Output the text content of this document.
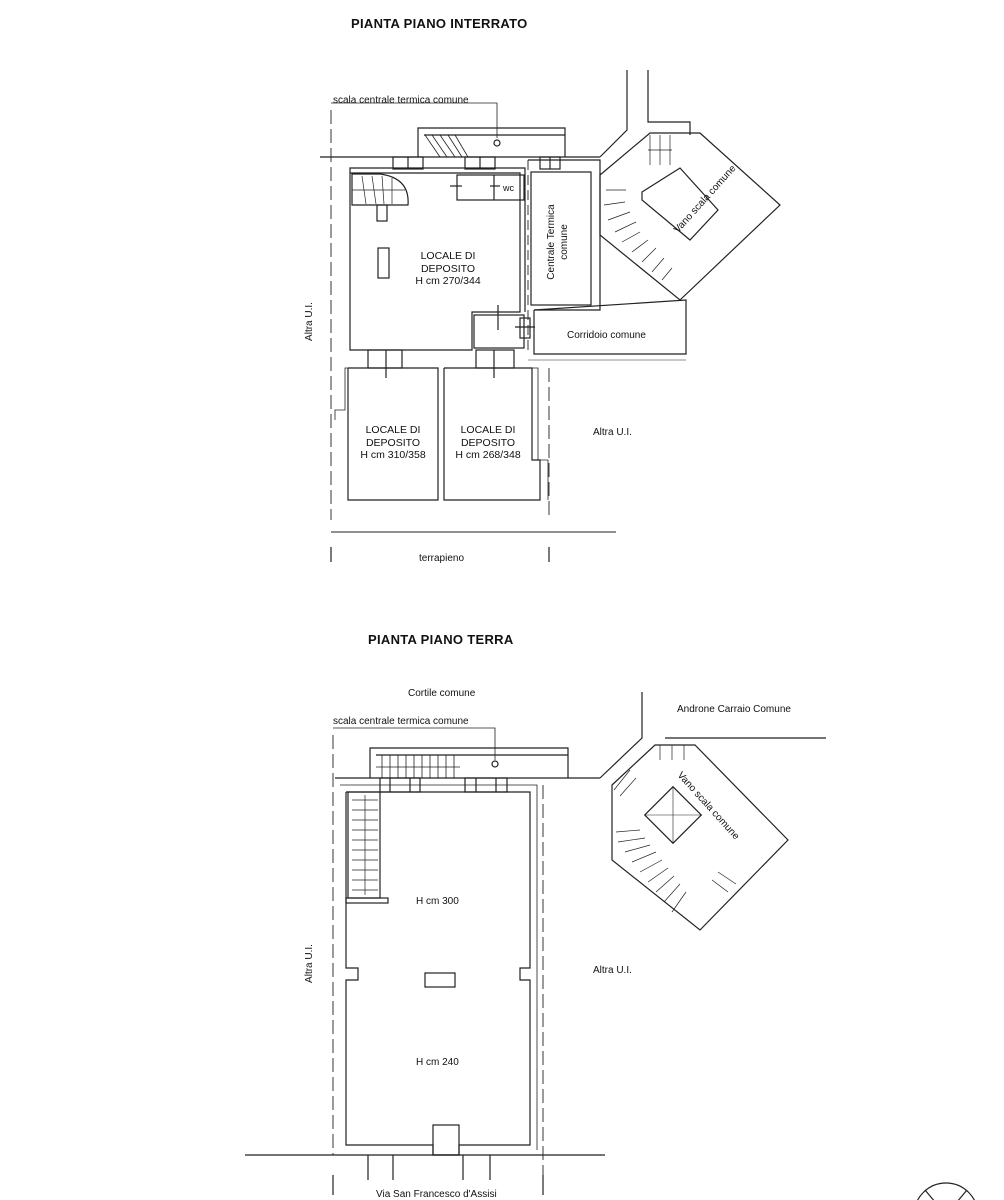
PIANTA PIANO INTERRATO
scala centrale termica comune
wc
LOCALE DI
DEPOSITO
H cm 270/344
Centrale Termica comune
Corridoio comune
Vano scala comune
Altra U.I.
Altra U.I.
LOCALE DI
DEPOSITO
H cm 310/358
LOCALE DI
DEPOSITO
H cm 268/348
terrapieno
PIANTA PIANO TERRA
Cortile comune
scala centrale termica comune
Androne Carraio Comune
Vano scala comune
Altra U.I.	Altra U.I.
H cm 300
H cm 240
Via San Francesco d'Assisi
